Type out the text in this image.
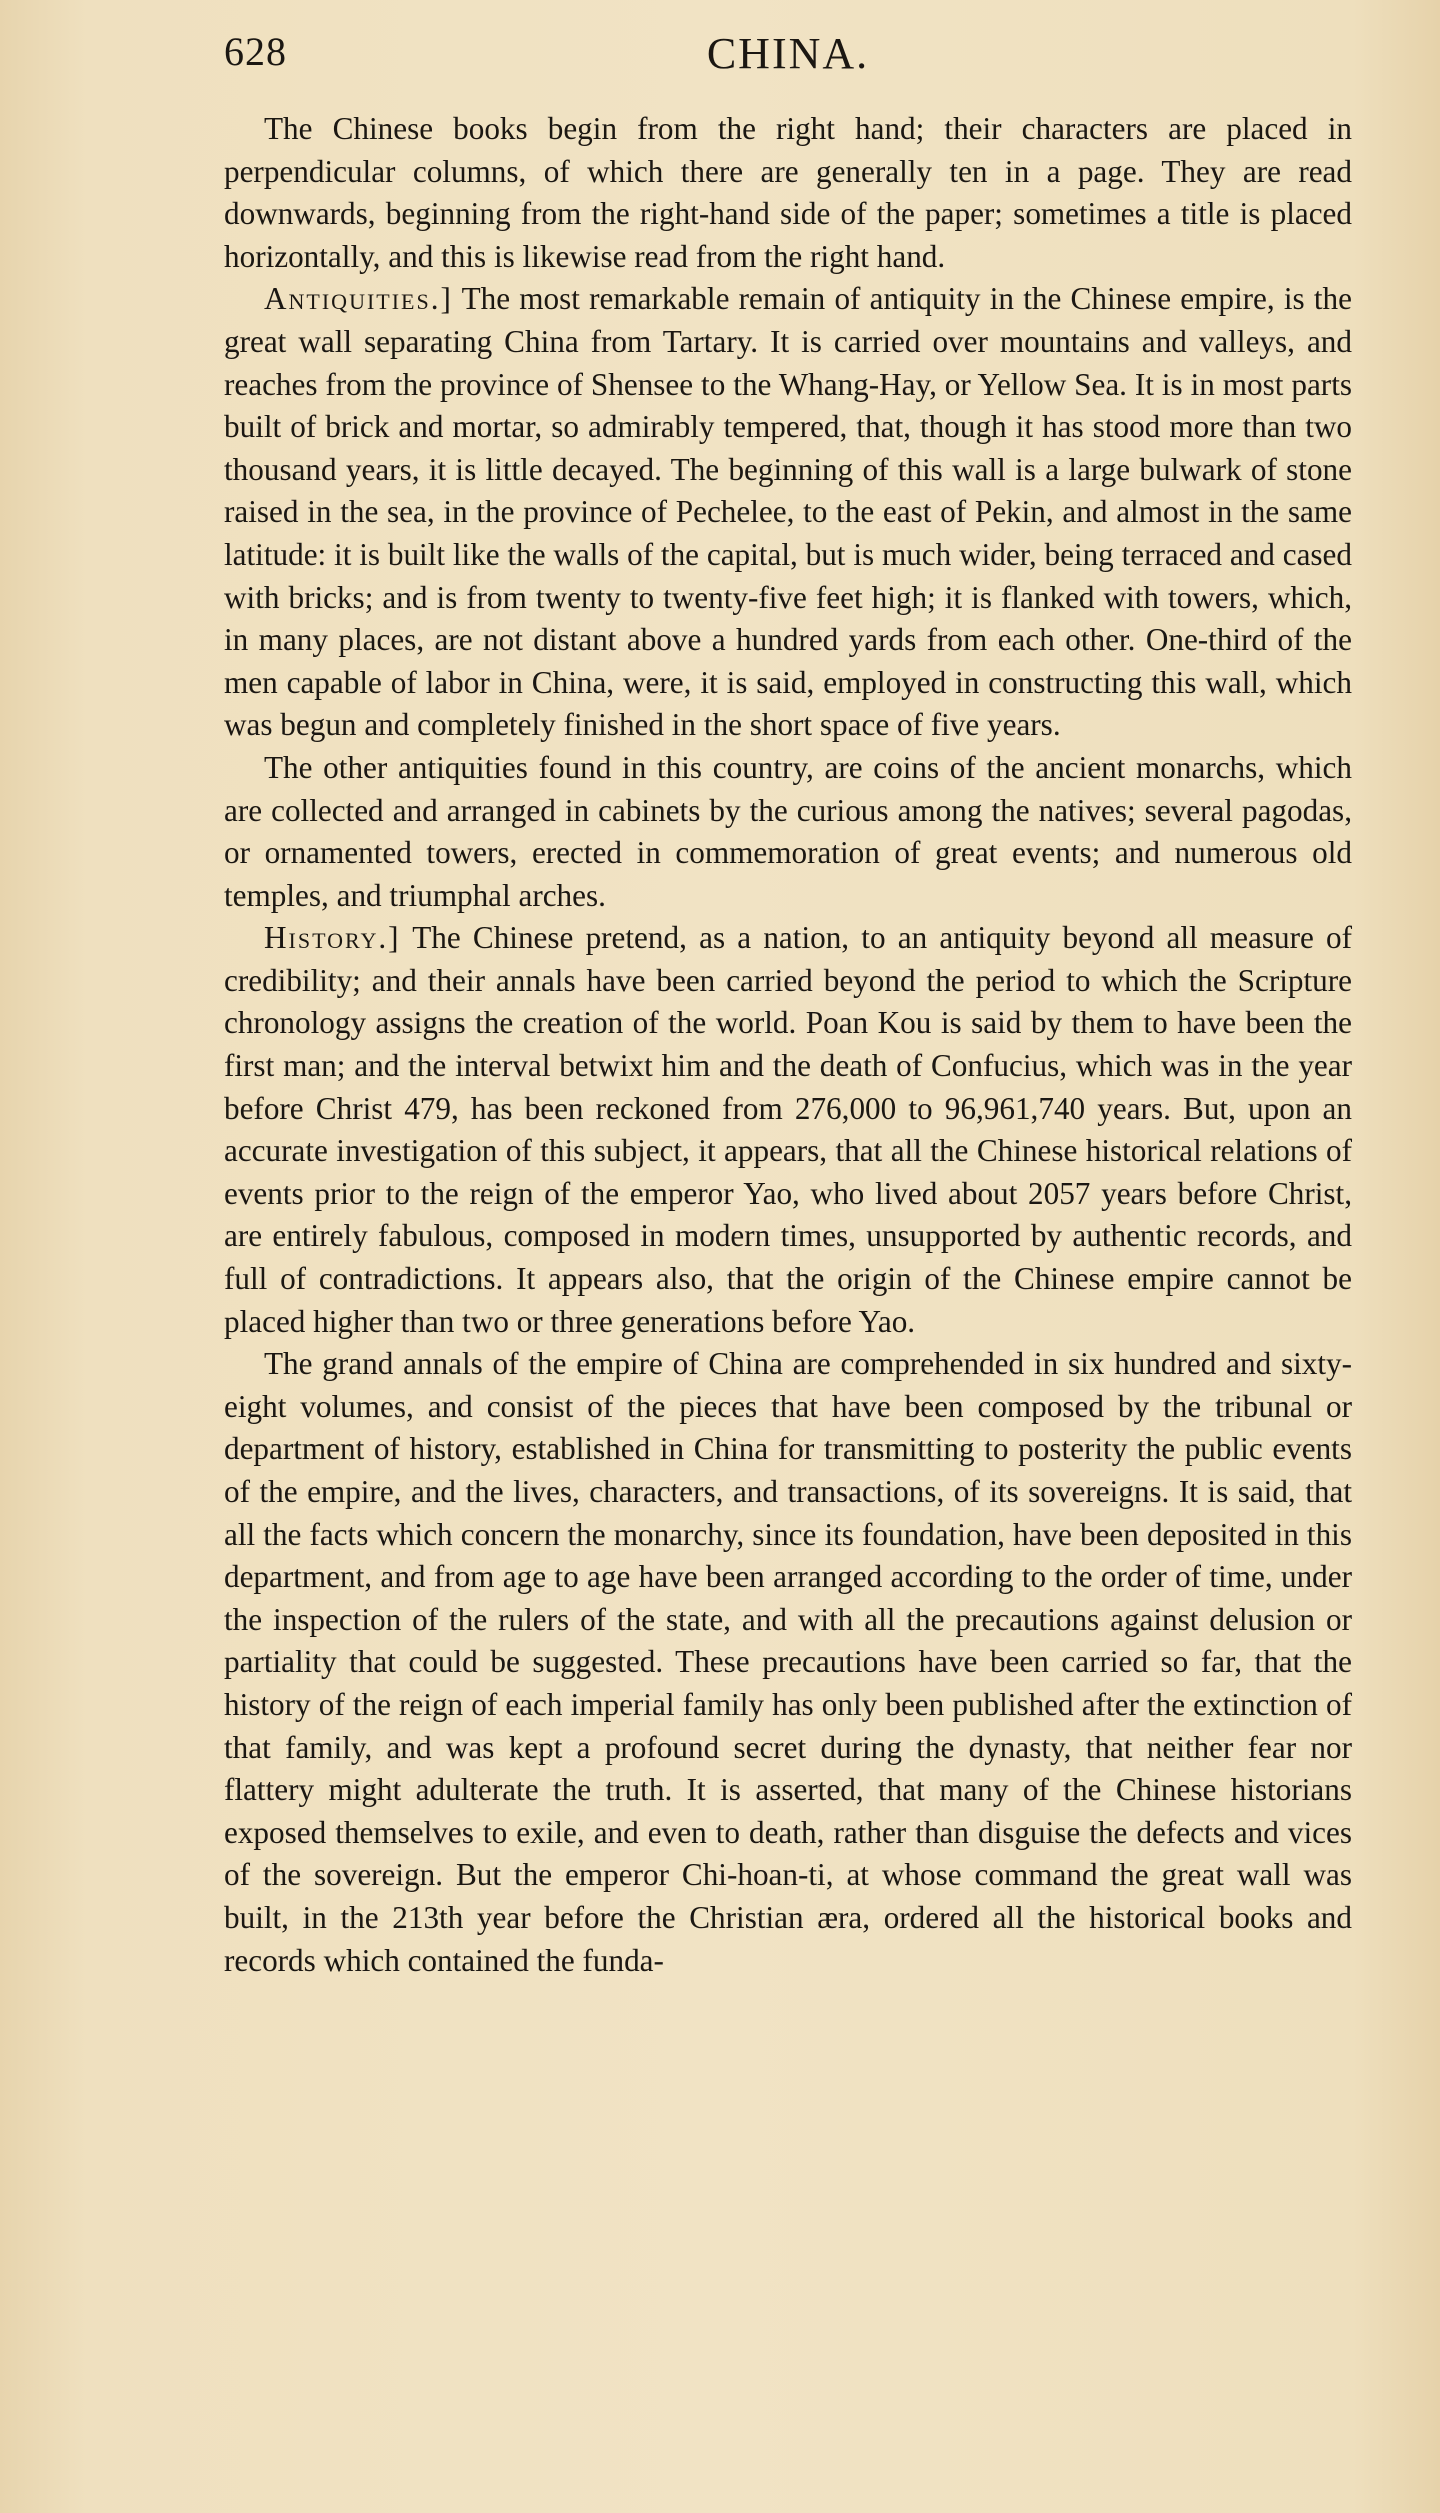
628	CHINA.

The Chinese books begin from the right hand; their characters are placed in perpendicular columns, of which there are generally ten in a page. They are read downwards, beginning from the right-hand side of the paper; sometimes a title is placed horizontally, and this is likewise read from the right hand.

Antiquities.] The most remarkable remain of antiquity in the Chinese empire, is the great wall separating China from Tartary. It is carried over mountains and valleys, and reaches from the province of Shensee to the Whang-Hay, or Yellow Sea. It is in most parts built of brick and mortar, so admirably tempered, that, though it has stood more than two thousand years, it is little decayed. The beginning of this wall is a large bulwark of stone raised in the sea, in the province of Pechelee, to the east of Pekin, and almost in the same latitude: it is built like the walls of the capital, but is much wider, being terraced and cased with bricks; and is from twenty to twenty-five feet high; it is flanked with towers, which, in many places, are not distant above a hundred yards from each other. One-third of the men capable of labor in China, were, it is said, employed in constructing this wall, which was begun and completely finished in the short space of five years.

The other antiquities found in this country, are coins of the ancient monarchs, which are collected and arranged in cabinets by the curious among the natives; several pagodas, or ornamented towers, erected in commemoration of great events; and numerous old temples, and triumphal arches.

History.] The Chinese pretend, as a nation, to an antiquity beyond all measure of credibility; and their annals have been carried beyond the period to which the Scripture chronology assigns the creation of the world. Poan Kou is said by them to have been the first man; and the interval betwixt him and the death of Confucius, which was in the year before Christ 479, has been reckoned from 276,000 to 96,961,740 years. But, upon an accurate investigation of this subject, it appears, that all the Chinese historical relations of events prior to the reign of the emperor Yao, who lived about 2057 years before Christ, are entirely fabulous, composed in modern times, unsupported by authentic records, and full of contradictions. It appears also, that the origin of the Chinese empire cannot be placed higher than two or three generations before Yao.

The grand annals of the empire of China are comprehended in six hundred and sixty-eight volumes, and consist of the pieces that have been composed by the tribunal or department of history, established in China for transmitting to posterity the public events of the empire, and the lives, characters, and transactions, of its sovereigns. It is said, that all the facts which concern the monarchy, since its foundation, have been deposited in this department, and from age to age have been arranged according to the order of time, under the inspection of the rulers of the state, and with all the precautions against delusion or partiality that could be suggested. These precautions have been carried so far, that the history of the reign of each imperial family has only been published after the extinction of that family, and was kept a profound secret during the dynasty, that neither fear nor flattery might adulterate the truth. It is asserted, that many of the Chinese historians exposed themselves to exile, and even to death, rather than disguise the defects and vices of the sovereign. But the emperor Chi-hoan-ti, at whose command the great wall was built, in the 213th year before the Christian æra, ordered all the historical books and records which contained the funda-
